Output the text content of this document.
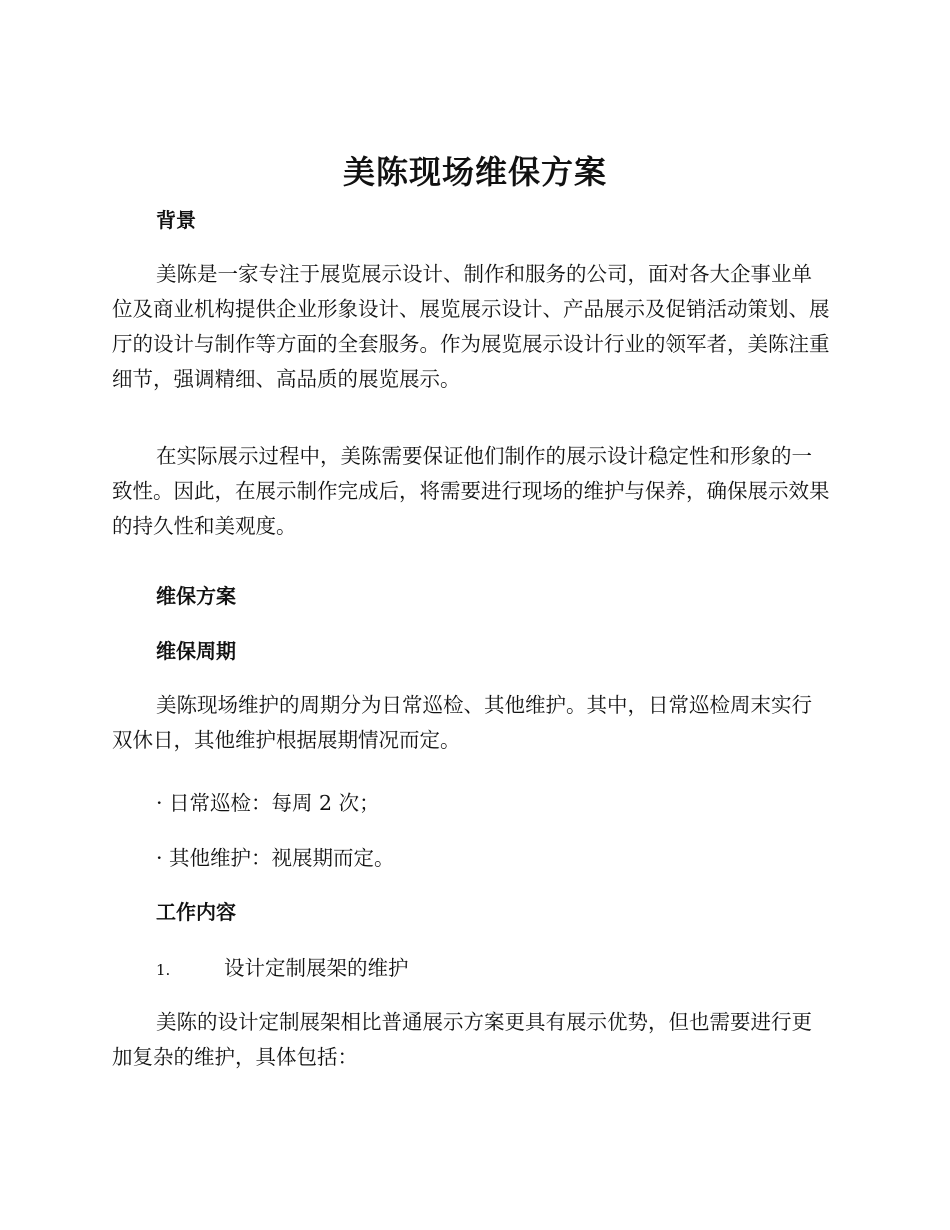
美陈现场维保方案
背景

美陈是一家专注于展览展示设计、制作和服务的公司，面对各大企事业单位及商业机构提供企业形象设计、展览展示设计、产品展示及促销活动策划、展厅的设计与制作等方面的全套服务。作为展览展示设计行业的领军者，美陈注重细节，强调精细、高品质的展览展示。

在实际展示过程中，美陈需要保证他们制作的展示设计稳定性和形象的一致性。因此，在展示制作完成后，将需要进行现场的维护与保养，确保展示效果的持久性和美观度。

维保方案
维保周期

美陈现场维护的周期分为日常巡检、其他维护。其中，日常巡检周末实行双休日，其他维护根据展期情况而定。

· 日常巡检：每周 2 次；

· 其他维护：视展期而定。

工作内容

1.	设计定制展架的维护

美陈的设计定制展架相比普通展示方案更具有展示优势，但也需要进行更加复杂的维护，具体包括：
